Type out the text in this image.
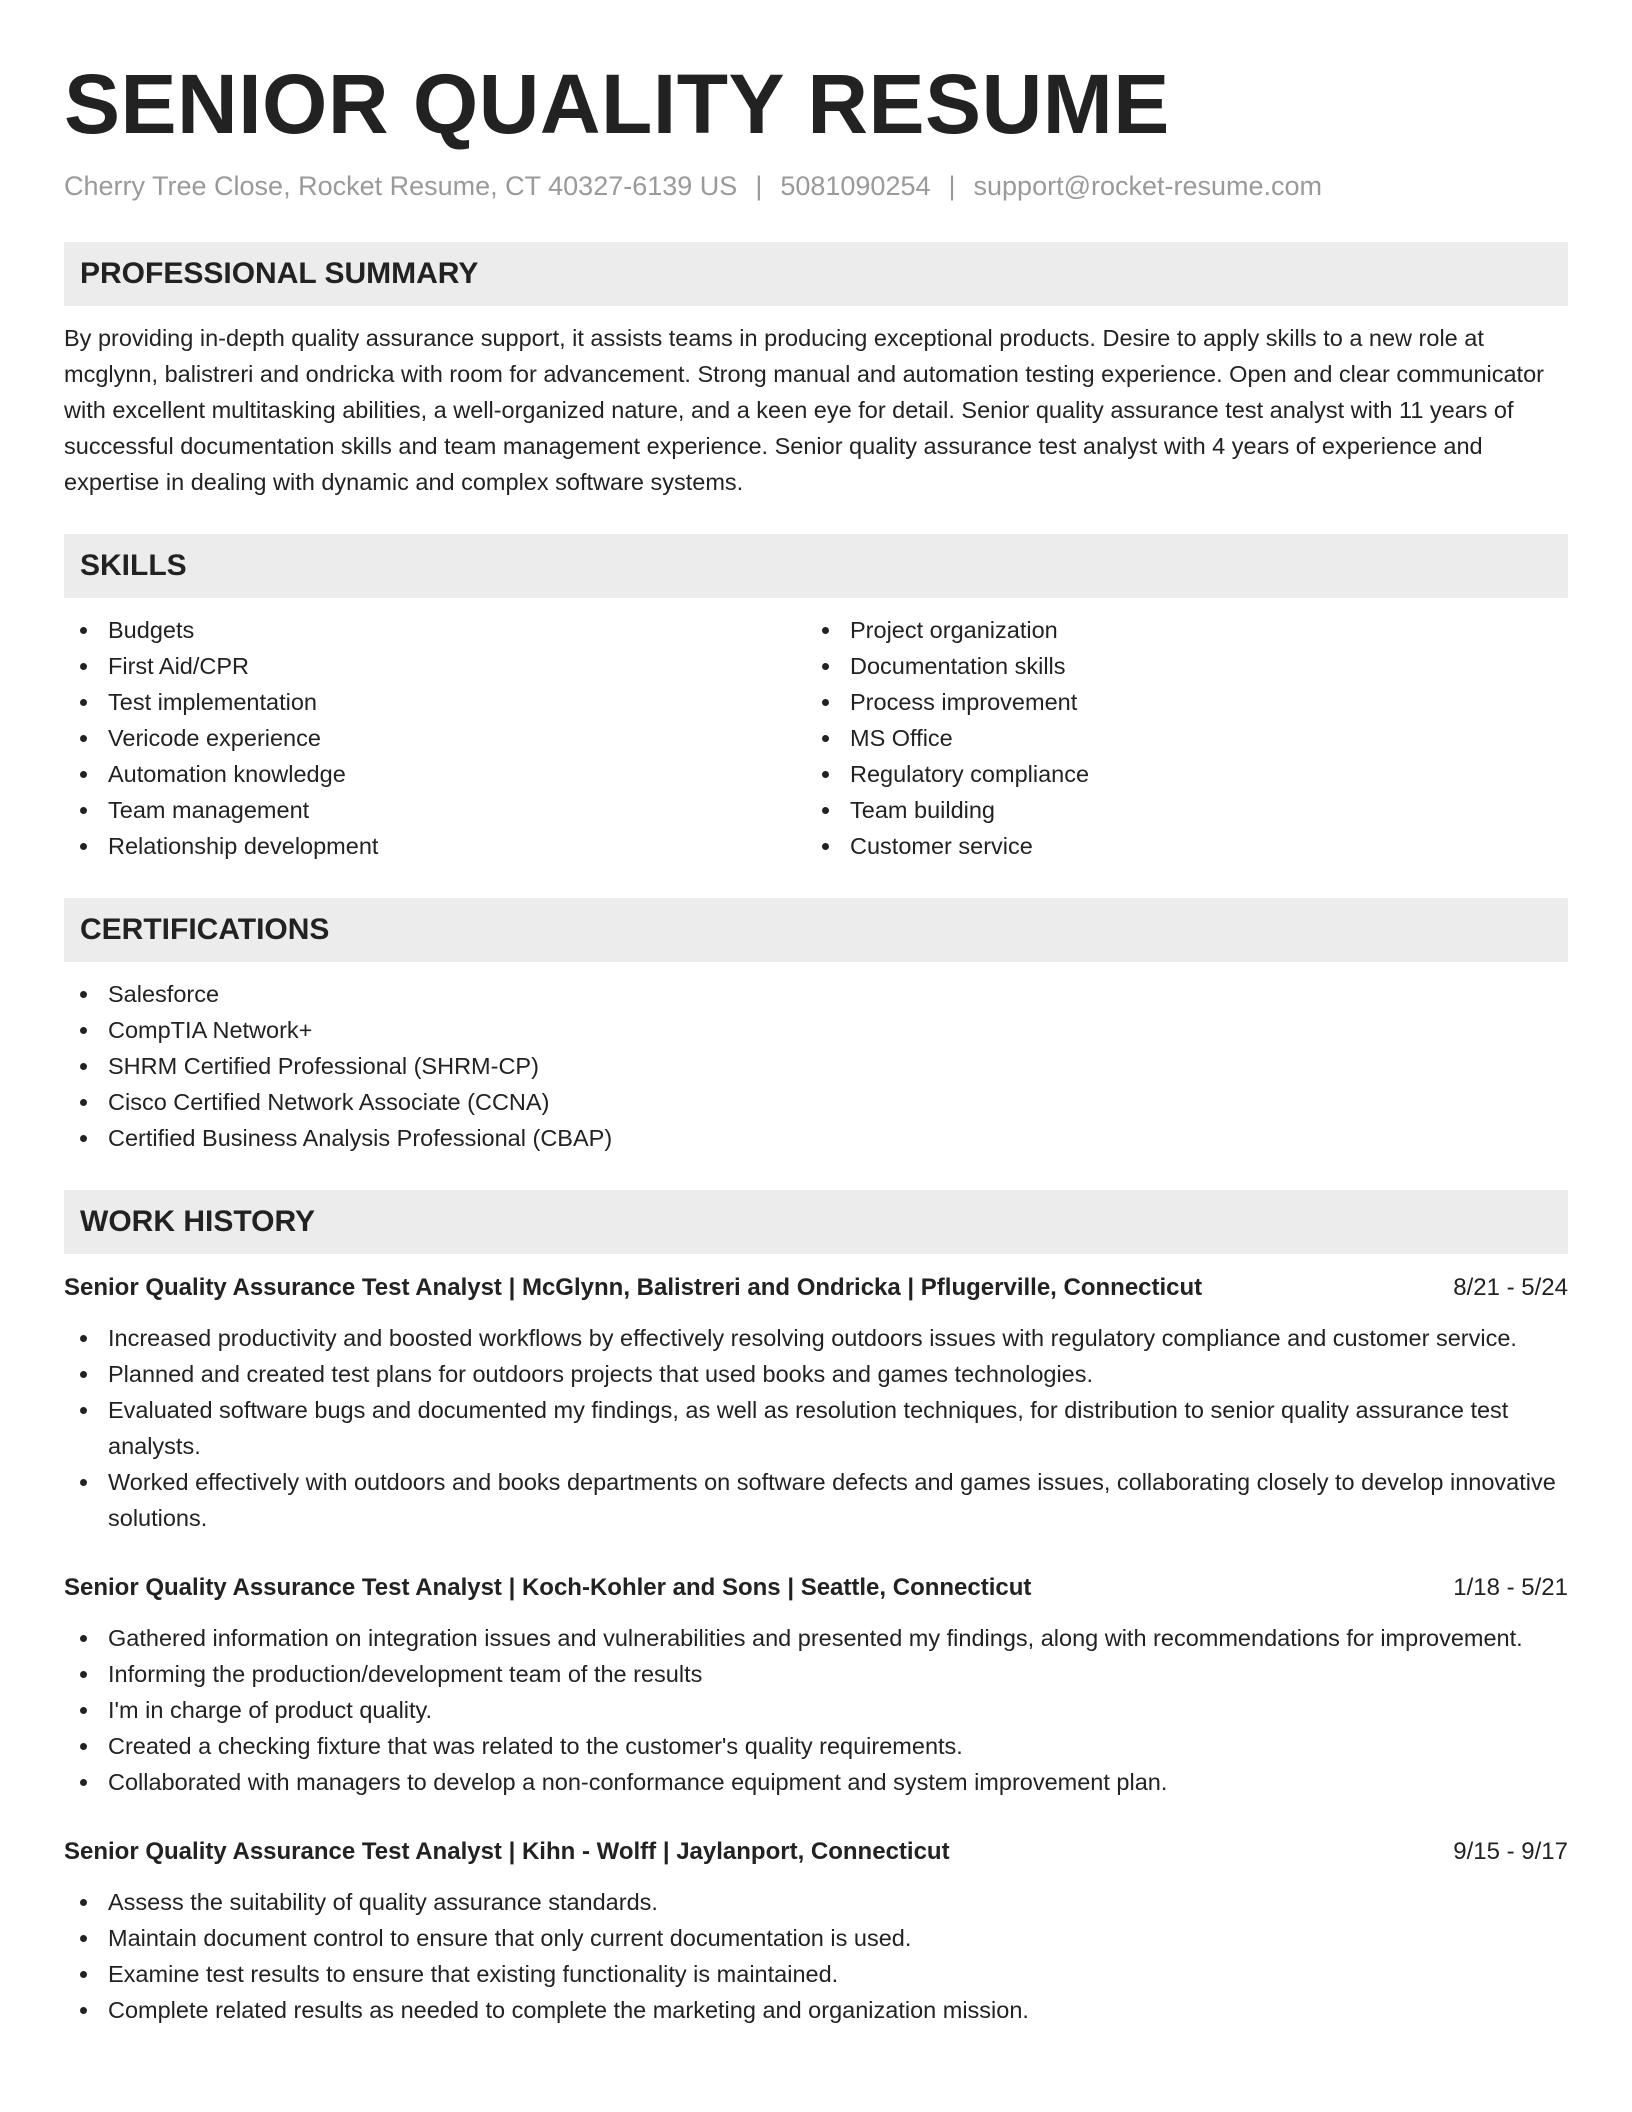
SENIOR QUALITY RESUME
Cherry Tree Close, Rocket Resume, CT 40327-6139 US | 5081090254 | support@rocket-resume.com
PROFESSIONAL SUMMARY

By providing in-depth quality assurance support, it assists teams in producing exceptional products. Desire to apply skills to a new role at mcglynn, balistreri and ondricka with room for advancement. Strong manual and automation testing experience. Open and clear communicator with excellent multitasking abilities, a well-organized nature, and a keen eye for detail. Senior quality assurance test analyst with 11 years of successful documentation skills and team management experience. Senior quality assurance test analyst with 4 years of experience and expertise in dealing with dynamic and complex software systems.

SKILLS
Budgets
First Aid/CPR
Test implementation
Vericode experience
Automation knowledge
Team management
Relationship development
Project organization
Documentation skills
Process improvement
MS Office
Regulatory compliance
Team building
Customer service
CERTIFICATIONS
Salesforce
CompTIA Network+
SHRM Certified Professional (SHRM-CP)
Cisco Certified Network Associate (CCNA)
Certified Business Analysis Professional (CBAP)
WORK HISTORY
Senior Quality Assurance Test Analyst | McGlynn, Balistreri and Ondricka | Pflugerville, Connecticut	8/21 - 5/24
Increased productivity and boosted workflows by effectively resolving outdoors issues with regulatory compliance and customer service.
Planned and created test plans for outdoors projects that used books and games technologies.
Evaluated software bugs and documented my findings, as well as resolution techniques, for distribution to senior quality assurance test analysts.
Worked effectively with outdoors and books departments on software defects and games issues, collaborating closely to develop innovative solutions.
Senior Quality Assurance Test Analyst | Koch-Kohler and Sons | Seattle, Connecticut	1/18 - 5/21
Gathered information on integration issues and vulnerabilities and presented my findings, along with recommendations for improvement.
Informing the production/development team of the results
I'm in charge of product quality.
Created a checking fixture that was related to the customer's quality requirements.
Collaborated with managers to develop a non-conformance equipment and system improvement plan.
Senior Quality Assurance Test Analyst | Kihn - Wolff | Jaylanport, Connecticut	9/15 - 9/17
Assess the suitability of quality assurance standards.
Maintain document control to ensure that only current documentation is used.
Examine test results to ensure that existing functionality is maintained.
Complete related results as needed to complete the marketing and organization mission.
